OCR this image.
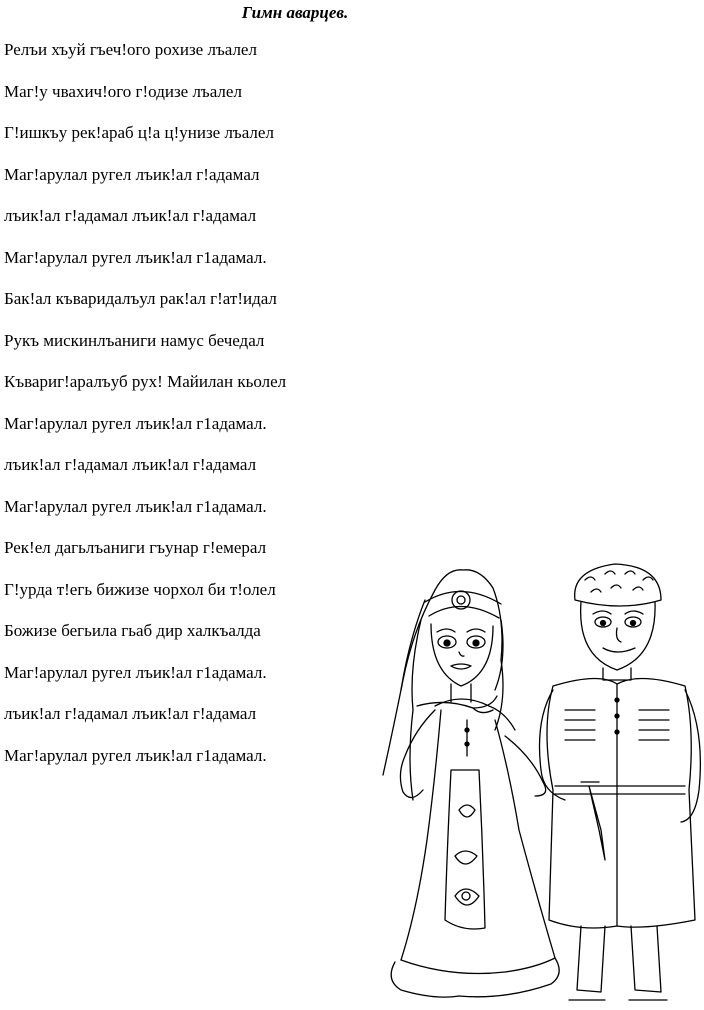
Гимн аварцев.
Релъи хъуй гъеч!ого рохизе лъалел
Маг!у чвахич!ого г!одизе лъалел
Г!ишкъу рек!араб ц!а ц!унизе лъалел
Маг!арулал ругел лъик!ал г!адамал
лъик!ал г!адамал лъик!ал г!адамал
Маг!арулал ругел лъик!ал г1адамал.
Бак!ал къваридалъул рак!ал г!ат!идал
Рукъ мискинлъаниги намус бечедал
Къвариг!аралъуб рух! Майилан кьолел
Маг!арулал ругел лъик!ал г1адамал.
лъик!ал г!адамал лъик!ал г!адамал
Маг!арулал ругел лъик!ал г1адамал.
Рек!ел дагьлъаниги гъунар г!емерал
Г!урда т!егь бижизе чорхол би т!олел
Божизе бегьила гьаб дир халкъалда
Маг!арулал ругел лъик!ал г1адамал.
лъик!ал г!адамал лъик!ал г!адамал
Маг!арулал ругел лъик!ал г1адамал.
